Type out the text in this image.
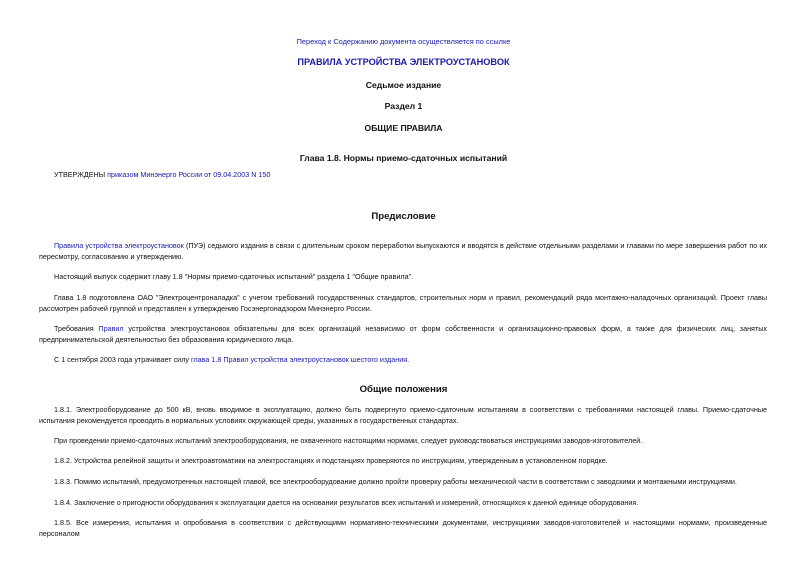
Переход к Содержанию документа осуществляется по ссылке
ПРАВИЛА УСТРОЙСТВА ЭЛЕКТРОУСТАНОВОК
Седьмое издание
Раздел 1
ОБЩИЕ ПРАВИЛА
Глава 1.8. Нормы приемо-сдаточных испытаний
УТВЕРЖДЕНЫ приказом Минэнерго России от 09.04.2003 N 150
Предисловие
Правила устройства электроустановок (ПУЭ) седьмого издания в связи с длительным сроком переработки выпускаются и вводятся в действие отдельными разделами и главами по мере завершения работ по их пересмотру, согласованию и утверждению.
Настоящий выпуск содержит главу 1.8 "Нормы приемо-сдаточных испытаний" раздела 1 "Общие правила".
Глава 1.8 подготовлена ОАО "Электроцентроналадка" с учетом требований государственных стандартов, строительных норм и правил, рекомендаций ряда монтажно-наладочных организаций. Проект главы рассмотрен рабочей группой и представлен к утверждению Госэнергонадзором Минэнерго России.
Требования Правил устройства электроустановок обязательны для всех организаций независимо от форм собственности и организационно-правовых форм, а также для физических лиц, занятых предпринимательской деятельностью без образования юридического лица.
С 1 сентября 2003 года утрачивает силу глава 1.8 Правил устройства электроустановок шестого издания.
Общие положения
1.8.1. Электрооборудование до 500 кВ, вновь вводимое в эксплуатацию, должно быть подвергнуто приемо-сдаточным испытаниям в соответствии с требованиями настоящей главы. Приемо-сдаточные испытания рекомендуется проводить в нормальных условиях окружающей среды, указанных в государственных стандартах.
При проведении приемо-сдаточных испытаний электрооборудования, не охваченного настоящими нормами, следует руководствоваться инструкциями заводов-изготовителей.
1.8.2. Устройства релейной защиты и электроавтоматики на электростанциях и подстанциях проверяются по инструкциям, утвержденным в установленном порядке.
1.8.3. Помимо испытаний, предусмотренных настоящей главой, все электрооборудование должно пройти проверку работы механической части в соответствии с заводскими и монтажными инструкциями.
1.8.4. Заключение о пригодности оборудования к эксплуатации дается на основании результатов всех испытаний и измерений, относящихся к данной единице оборудования.
1.8.5. Все измерения, испытания и опробования в соответствии с действующими нормативно-техническими документами, инструкциями заводов-изготовителей и настоящими нормами, произведенные персоналом
